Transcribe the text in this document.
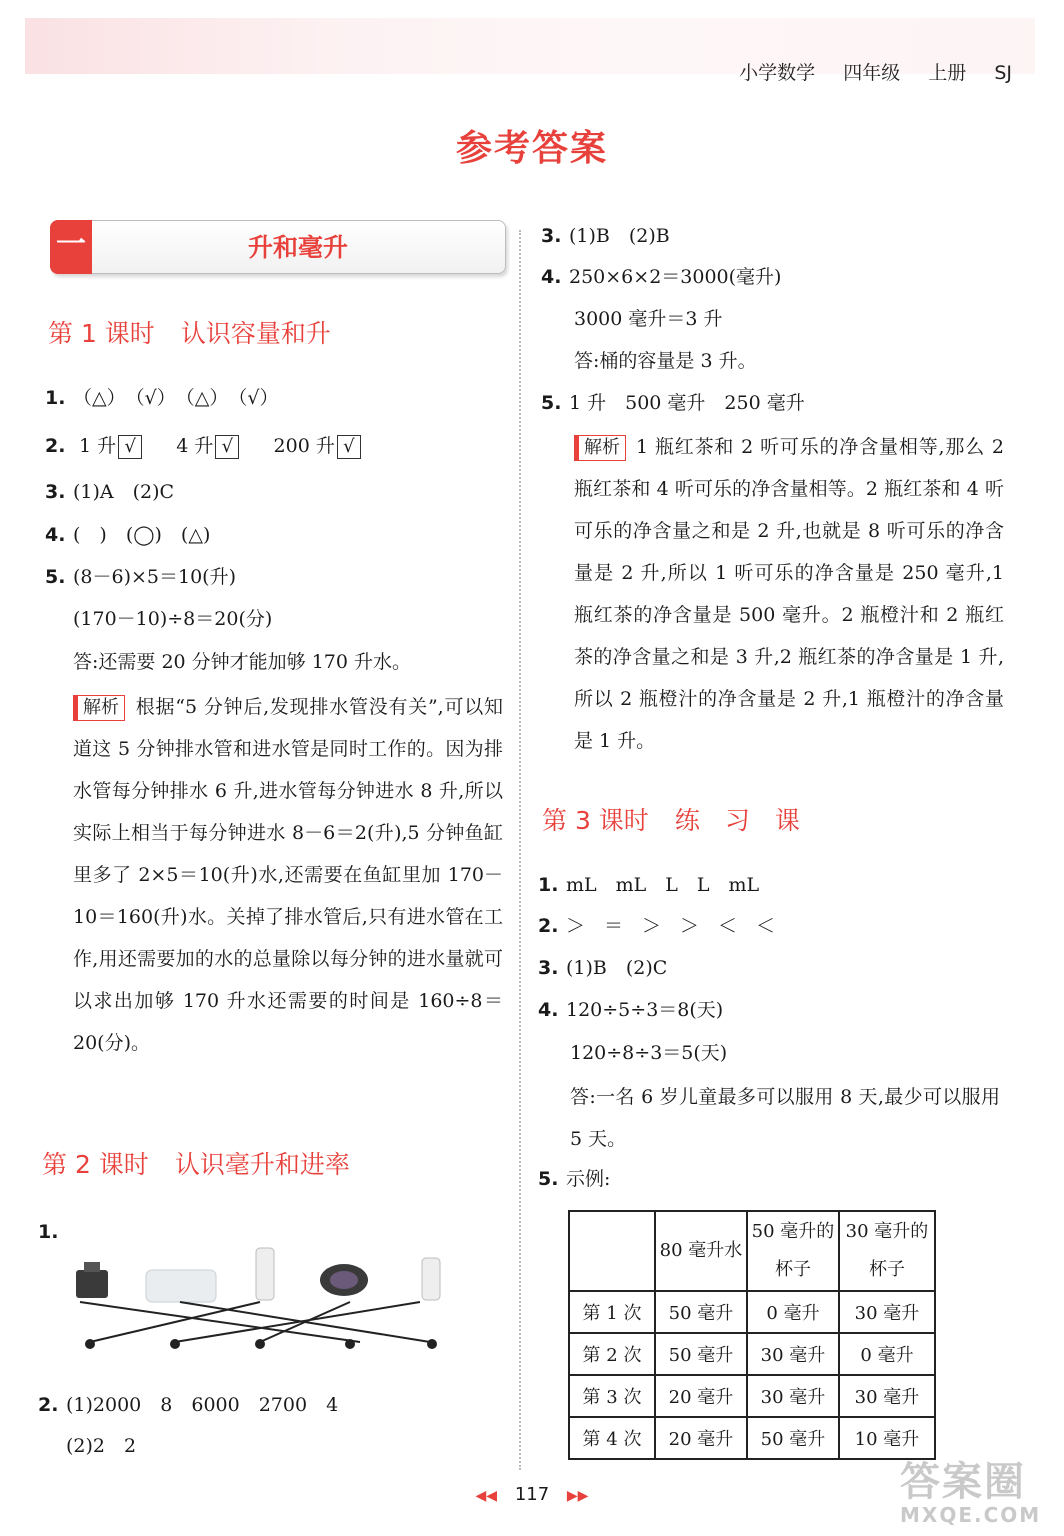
小学数学 四年级 上册 SJ
参考答案
一	升和毫升
第 1 课时 认识容量和升
1. （△）　（√）　（△）　（√）
2. 1 升 √ 4 升 √ 200 升 √
3. (1)A　(2)C
4. (　)　(◯)　(△)
5. (8－6)×5＝10(升)
(170－10)÷8＝20(分)
答:还需要 20 分钟才能加够 170 升水。
解析 根据“5 分钟后,发现排水管没有关”,可以知道这 5 分钟排水管和进水管是同时工作的。因为排水管每分钟排水 6 升,进水管每分钟进水 8 升,所以实际上相当于每分钟进水 8－6＝2(升),5 分钟鱼缸里多了 2×5＝10(升)水,还需要在鱼缸里加 170－10＝160(升)水。关掉了排水管后,只有进水管在工作,用还需要加的水的总量除以每分钟的进水量就可以求出加够 170 升水还需要的时间是 160÷8＝20(分)。
第 2 课时 认识毫升和进率
1.
2. (1)2000　8　6000　2700　4
(2)2　2
3. (1)B　(2)B
4. 250×6×2＝3000(毫升)
3000 毫升＝3 升
答:桶的容量是 3 升。
5. 1 升　500 毫升　250 毫升
解析 1 瓶红茶和 2 听可乐的净含量相等,那么 2 瓶红茶和 4 听可乐的净含量相等。2 瓶红茶和 4 听可乐的净含量之和是 2 升,也就是 8 听可乐的净含量是 2 升,所以 1 听可乐的净含量是 250 毫升,1 瓶红茶的净含量是 500 毫升。2 瓶橙汁和 2 瓶红茶的净含量之和是 3 升,2 瓶红茶的净含量是 1 升,所以 2 瓶橙汁的净含量是 2 升,1 瓶橙汁的净含量是 1 升。
第 3 课时 练　习　课
1. mL　mL　L　L　mL
2. ＞　＝　＞　＞　＜　＜
3. (1)B　(2)C
4. 120÷5÷3＝8(天)
120÷8÷3＝5(天)
答:一名 6 岁儿童最多可以服用 8 天,最少可以服用 5 天。
5. 示例:
	80 毫升水	50 毫升的杯子	30 毫升的杯子
第 1 次	50 毫升	0 毫升	30 毫升
第 2 次	50 毫升	30 毫升	0 毫升
第 3 次	20 毫升	30 毫升	30 毫升
第 4 次	20 毫升	50 毫升	10 毫升
◀◀ 117 ▶▶	答案圈
MXQE.COM
